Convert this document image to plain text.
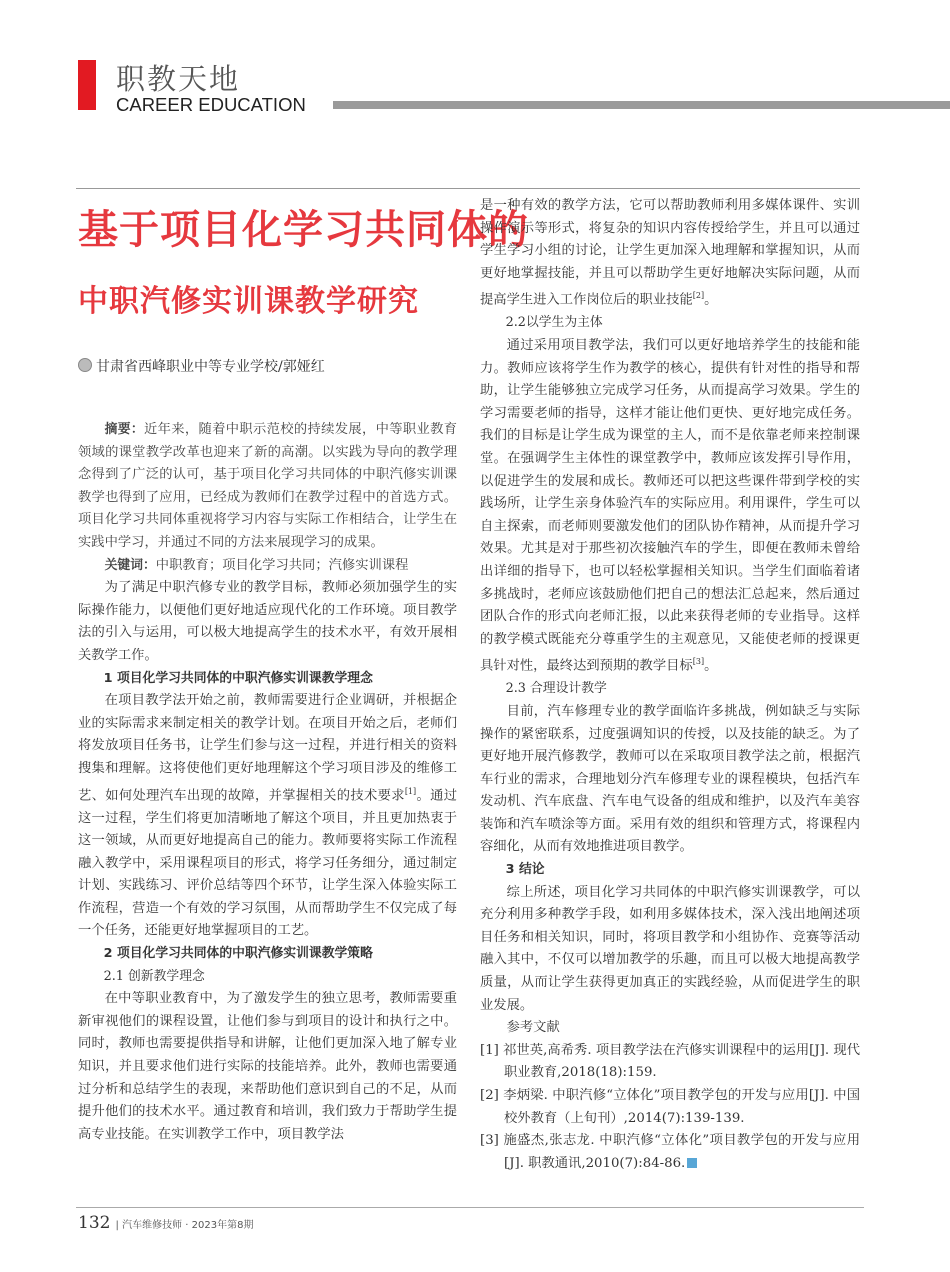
职教天地
CAREER EDUCATION
基于项目化学习共同体的
中职汽修实训课教学研究
甘肃省西峰职业中等专业学校/郭娅红

摘要：近年来，随着中职示范校的持续发展，中等职业教育领域的课堂教学改革也迎来了新的高潮。以实践为导向的教学理念得到了广泛的认可，基于项目化学习共同体的中职汽修实训课教学也得到了应用，已经成为教师们在教学过程中的首选方式。项目化学习共同体重视将学习内容与实际工作相结合，让学生在实践中学习，并通过不同的方法来展现学习的成果。

关键词：中职教育；项目化学习共同；汽修实训课程

为了满足中职汽修专业的教学目标，教师必须加强学生的实际操作能力，以便他们更好地适应现代化的工作环境。项目教学法的引入与运用，可以极大地提高学生的技术水平，有效开展相关教学工作。

1 项目化学习共同体的中职汽修实训课教学理念

在项目教学法开始之前，教师需要进行企业调研，并根据企业的实际需求来制定相关的教学计划。在项目开始之后，老师们将发放项目任务书，让学生们参与这一过程，并进行相关的资料搜集和理解。这将使他们更好地理解这个学习项目涉及的维修工艺、如何处理汽车出现的故障，并掌握相关的技术要求[1]。通过这一过程，学生们将更加清晰地了解这个项目，并且更加热衷于这一领域，从而更好地提高自己的能力。教师要将实际工作流程融入教学中，采用课程项目的形式，将学习任务细分，通过制定计划、实践练习、评价总结等四个环节，让学生深入体验实际工作流程，营造一个有效的学习氛围，从而帮助学生不仅完成了每一个任务，还能更好地掌握项目的工艺。

2 项目化学习共同体的中职汽修实训课教学策略

2.1 创新教学理念

在中等职业教育中，为了激发学生的独立思考，教师需要重新审视他们的课程设置，让他们参与到项目的设计和执行之中。同时，教师也需要提供指导和讲解，让他们更加深入地了解专业知识，并且要求他们进行实际的技能培养。此外，教师也需要通过分析和总结学生的表现，来帮助他们意识到自己的不足，从而提升他们的技术水平。通过教育和培训，我们致力于帮助学生提高专业技能。在实训教学工作中，项目教学法

是一种有效的教学方法，它可以帮助教师利用多媒体课件、实训操作演示等形式，将复杂的知识内容传授给学生，并且可以通过学生学习小组的讨论，让学生更加深入地理解和掌握知识，从而更好地掌握技能，并且可以帮助学生更好地解决实际问题，从而提高学生进入工作岗位后的职业技能[2]。

2.2以学生为主体

通过采用项目教学法，我们可以更好地培养学生的技能和能力。教师应该将学生作为教学的核心，提供有针对性的指导和帮助，让学生能够独立完成学习任务，从而提高学习效果。学生的学习需要老师的指导，这样才能让他们更快、更好地完成任务。我们的目标是让学生成为课堂的主人，而不是依靠老师来控制课堂。在强调学生主体性的课堂教学中，教师应该发挥引导作用，以促进学生的发展和成长。教师还可以把这些课件带到学校的实践场所，让学生亲身体验汽车的实际应用。利用课件，学生可以自主探索，而老师则要激发他们的团队协作精神，从而提升学习效果。尤其是对于那些初次接触汽车的学生，即便在教师未曾给出详细的指导下，也可以轻松掌握相关知识。当学生们面临着诸多挑战时，老师应该鼓励他们把自己的想法汇总起来，然后通过团队合作的形式向老师汇报，以此来获得老师的专业指导。这样的教学模式既能充分尊重学生的主观意见，又能使老师的授课更具针对性，最终达到预期的教学目标[3]。

2.3 合理设计教学

目前，汽车修理专业的教学面临许多挑战，例如缺乏与实际操作的紧密联系，过度强调知识的传授，以及技能的缺乏。为了更好地开展汽修教学，教师可以在采取项目教学法之前，根据汽车行业的需求，合理地划分汽车修理专业的课程模块，包括汽车发动机、汽车底盘、汽车电气设备的组成和维护，以及汽车美容装饰和汽车喷涂等方面。采用有效的组织和管理方式，将课程内容细化，从而有效地推进项目教学。

3 结论

综上所述，项目化学习共同体的中职汽修实训课教学，可以充分利用多种教学手段，如利用多媒体技术，深入浅出地阐述项目任务和相关知识，同时，将项目教学和小组协作、竞赛等活动融入其中，不仅可以增加教学的乐趣，而且可以极大地提高教学质量，从而让学生获得更加真正的实践经验，从而促进学生的职业发展。

参考文献

[1] 祁世英,高希秀. 项目教学法在汽修实训课程中的运用[J]. 现代职业教育,2018(18):159.

[2] 李炳梁. 中职汽修“立体化”项目教学包的开发与应用[J]. 中国校外教育（上旬刊）,2014(7):139-139.

[3] 施盛杰,张志龙. 中职汽修“立体化”项目教学包的开发与应用[J]. 职教通讯,2010(7):84-86.

132 | 汽车维修技师 · 2023年第8期
